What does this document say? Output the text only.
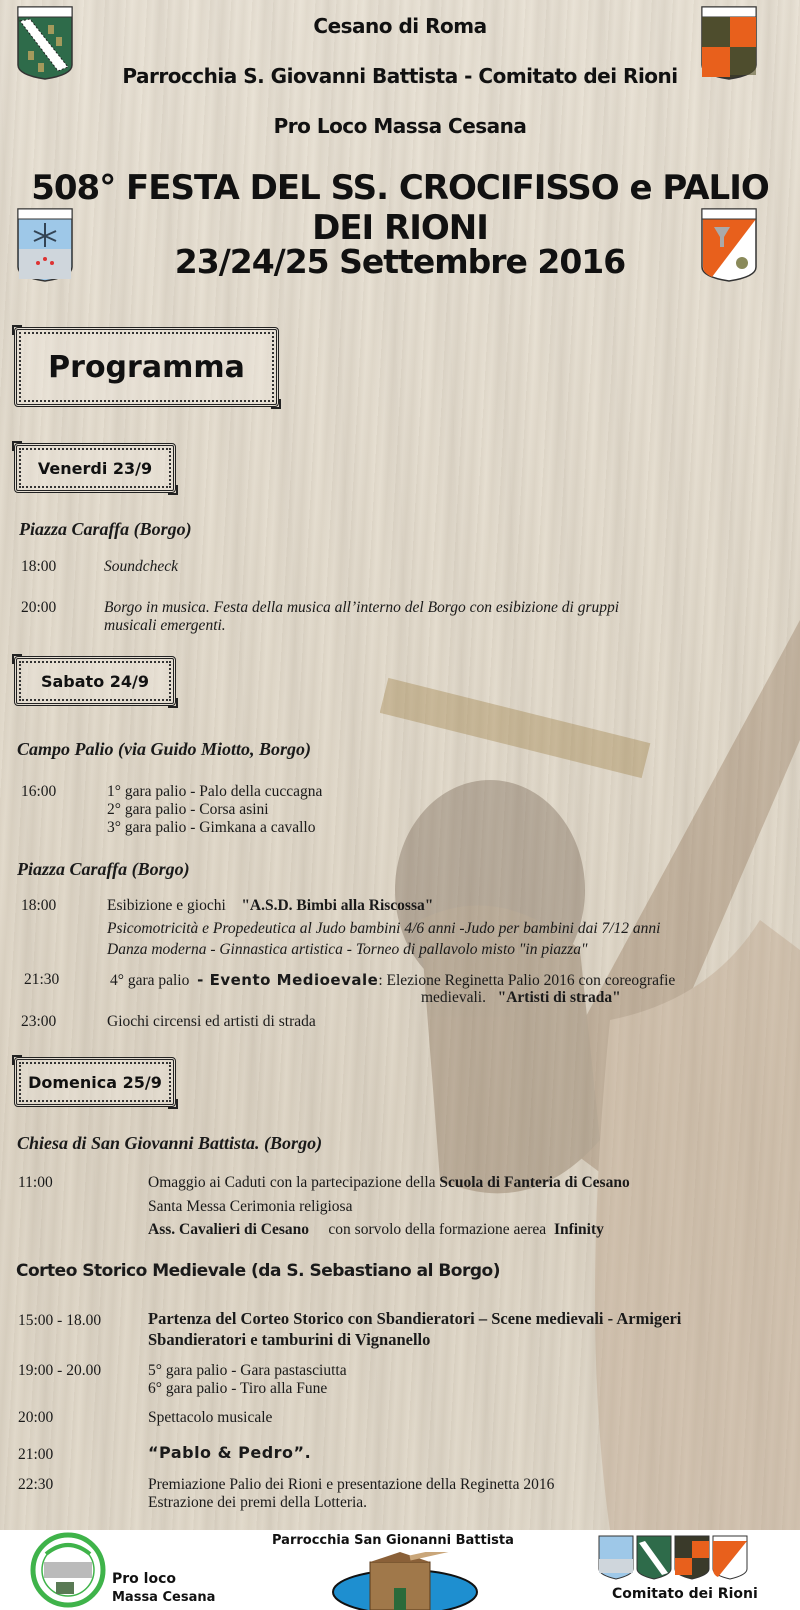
Cesano di Roma
Parrocchia S. Giovanni Battista - Comitato dei Rioni
Pro Loco Massa Cesana
508° FESTA DEL SS. CROCIFISSO e PALIO DEI RIONI
23/24/25 Settembre 2016
Programma
Venerdi 23/9
Piazza Caraffa (Borgo)
18:00	Soundcheck
20:00	Borgo in musica. Festa della musica all’interno del Borgo con esibizione di gruppi
musicali emergenti.
Sabato 24/9
Campo Palio (via Guido Miotto, Borgo)
16:00	1° gara palio - Palo della cuccagna
2° gara palio - Corsa asini
3° gara palio - Gimkana a cavallo
Piazza Caraffa (Borgo)
18:00	Esibizione e giochi "A.S.D. Bimbi alla Riscossa"
Psicomotricità e Propedeutica al Judo bambini 4/6 anni -Judo per bambini dai 7/12 anni
Danza moderna - Ginnastica artistica - Torneo di pallavolo misto "in piazza"
21:30	4° gara palio - Evento Medioevale: Elezione Reginetta Palio 2016 con coreografie
medievali. "Artisti di strada"
23:00	Giochi circensi ed artisti di strada
Domenica 25/9
Chiesa di San Giovanni Battista. (Borgo)
11:00	Omaggio ai Caduti con la partecipazione della Scuola di Fanteria di Cesano
Santa Messa Cerimonia religiosa
Ass. Cavalieri di Cesano con sorvolo della formazione aerea Infinity
Corteo Storico Medievale (da S. Sebastiano al Borgo)
15:00 - 18.00	Partenza del Corteo Storico con Sbandieratori – Scene medievali - Armigeri
Sbandieratori e tamburini di Vignanello
19:00 - 20.00	5° gara palio - Gara pastasciutta
6° gara palio - Tiro alla Fune
20:00	Spettacolo musicale
21:00	“Pablo & Pedro”.
22:30	Premiazione Palio dei Rioni e presentazione della Reginetta 2016
Estrazione dei premi della Lotteria.
Pro loco
Massa Cesana
Parrocchia San Gionanni Battista
Comitato dei Rioni
